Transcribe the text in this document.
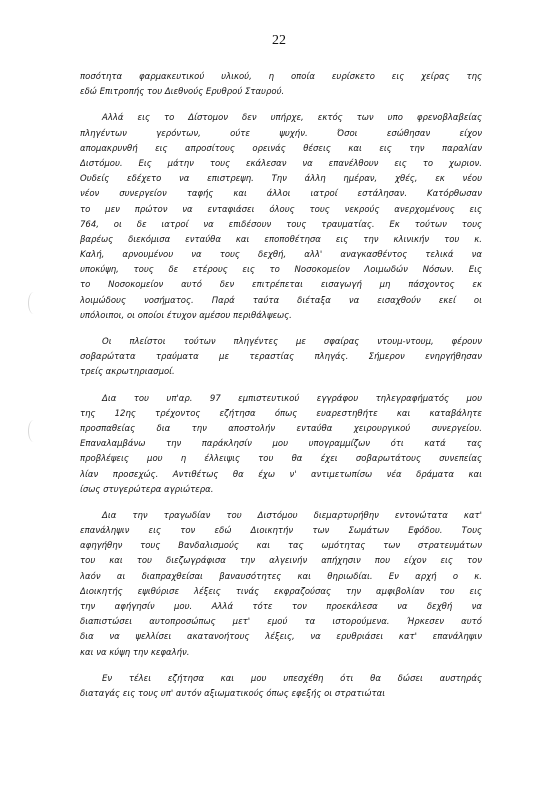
22
ποσότητα φαρμακευτικού υλικού, η οποία ευρίσκετο εις χείρας της
εδώ Επιτροπής του Διεθνούς Ερυθρού Σταυρού.
Αλλά εις το Δίστομον δεν υπήρχε, εκτός των υπο φρενοβλαβείας
πληγέντων γερόντων, ούτε ψυχήν. Όσοι εσώθησαν είχον
απομακρυνθή εις απροσίτους ορεινάς θέσεις και εις την παραλίαν
Διστόμου. Εις μάτην τους εκάλεσαν να επανέλθουν εις το χωριον.
Ουδείς εδέχετο να επιστρεψη. Την άλλη ημέραν, χθές, εκ νέου
νέον συνεργείον ταφής και άλλοι ιατροί εστάλησαν. Κατόρθωσαν
το μεν πρώτον να ενταφιάσει όλους τους νεκρούς ανερχομένους εις
764, οι δε ιατροί να επιδέσουν τους τραυματίας. Εκ τούτων τους
βαρέως διεκόμισα ενταύθα και εποποθέτησα εις την κλινικήν του κ.
Καλή, αρνουμένου να τους δεχθή, αλλ' αναγκασθέντος τελικά να
υποκύψη, τους δε ετέρους εις το Νοσοκομείον Λοιμωδών Νόσων. Εις
το Νοσοκομείον αυτό δεν επιτρέπεται εισαγωγή μη πάσχοντος εκ
λοιμώδους νοσήματος. Παρά ταύτα διέταξα να εισαχθούν εκεί οι
υπόλοιποι, οι οποίοι έτυχον αμέσου περιθάλψεως.
Οι πλείστοι τούτων πληγέντες με σφαίρας ντουμ-ντουμ, φέρουν
σοβαρώτατα τραύματα με τεραστίας πληγάς. Σήμερον ενηργήθησαν
τρείς ακρωτηριασμοί.
Δια του υπ'αρ. 97 εμπιστευτικού εγγράφου τηλεγραφήματός μου
της 12ης τρέχοντος εζήτησα όπως ευαρεστηθήτε και καταβάλητε
προσπαθείας δια την αποστολήν ενταύθα χειρουργικού συνεργείου.
Επαναλαμβάνω την παράκλησίν μου υπογραμμίζων ότι κατά τας
προβλέψεις μου η έλλειψις του θα έχει σοβαρωτάτους συνεπείας
λίαν προσεχώς. Αντιθέτως θα έχω ν' αντιμετωπίσω νέα δράματα και
ίσως στυγερώτερα αγριώτερα.
Δια την τραγωδίαν του Διστόμου διεμαρτυρήθην εντονώτατα κατ'
επανάληψιν εις τον εδώ Διοικητήν των Σωμάτων Εφόδου. Τους
αφηγήθην τους Βανδαλισμούς και τας ωμότητας των στρατευμάτων
του και του διεζωγράφισα την αλγεινήν απήχησιν που είχον εις τον
λαόν αι διαπραχθείσαι βαναυσότητες και θηριωδίαι. Εν αρχή ο κ.
Διοικητής εψιθύρισε λέξεις τινάς εκφραζούσας την αμφιβολίαν του εις
την αφήγησίν μου. Αλλά τότε τον προεκάλεσα να δεχθή να
διαπιστώσει αυτοπροσώπως μετ' εμού τα ιστορούμενα. Ήρκεσεν αυτό
δια να ψελλίσει ακατανοήτους λέξεις, να ερυθριάσει κατ' επανάληψιν
και να κύψη την κεφαλήν.
Εν τέλει εζήτησα και μου υπεσχέθη ότι θα δώσει αυστηράς
διαταγάς εις τους υπ' αυτόν αξιωματικούς όπως εφεξής οι στρατιώται
